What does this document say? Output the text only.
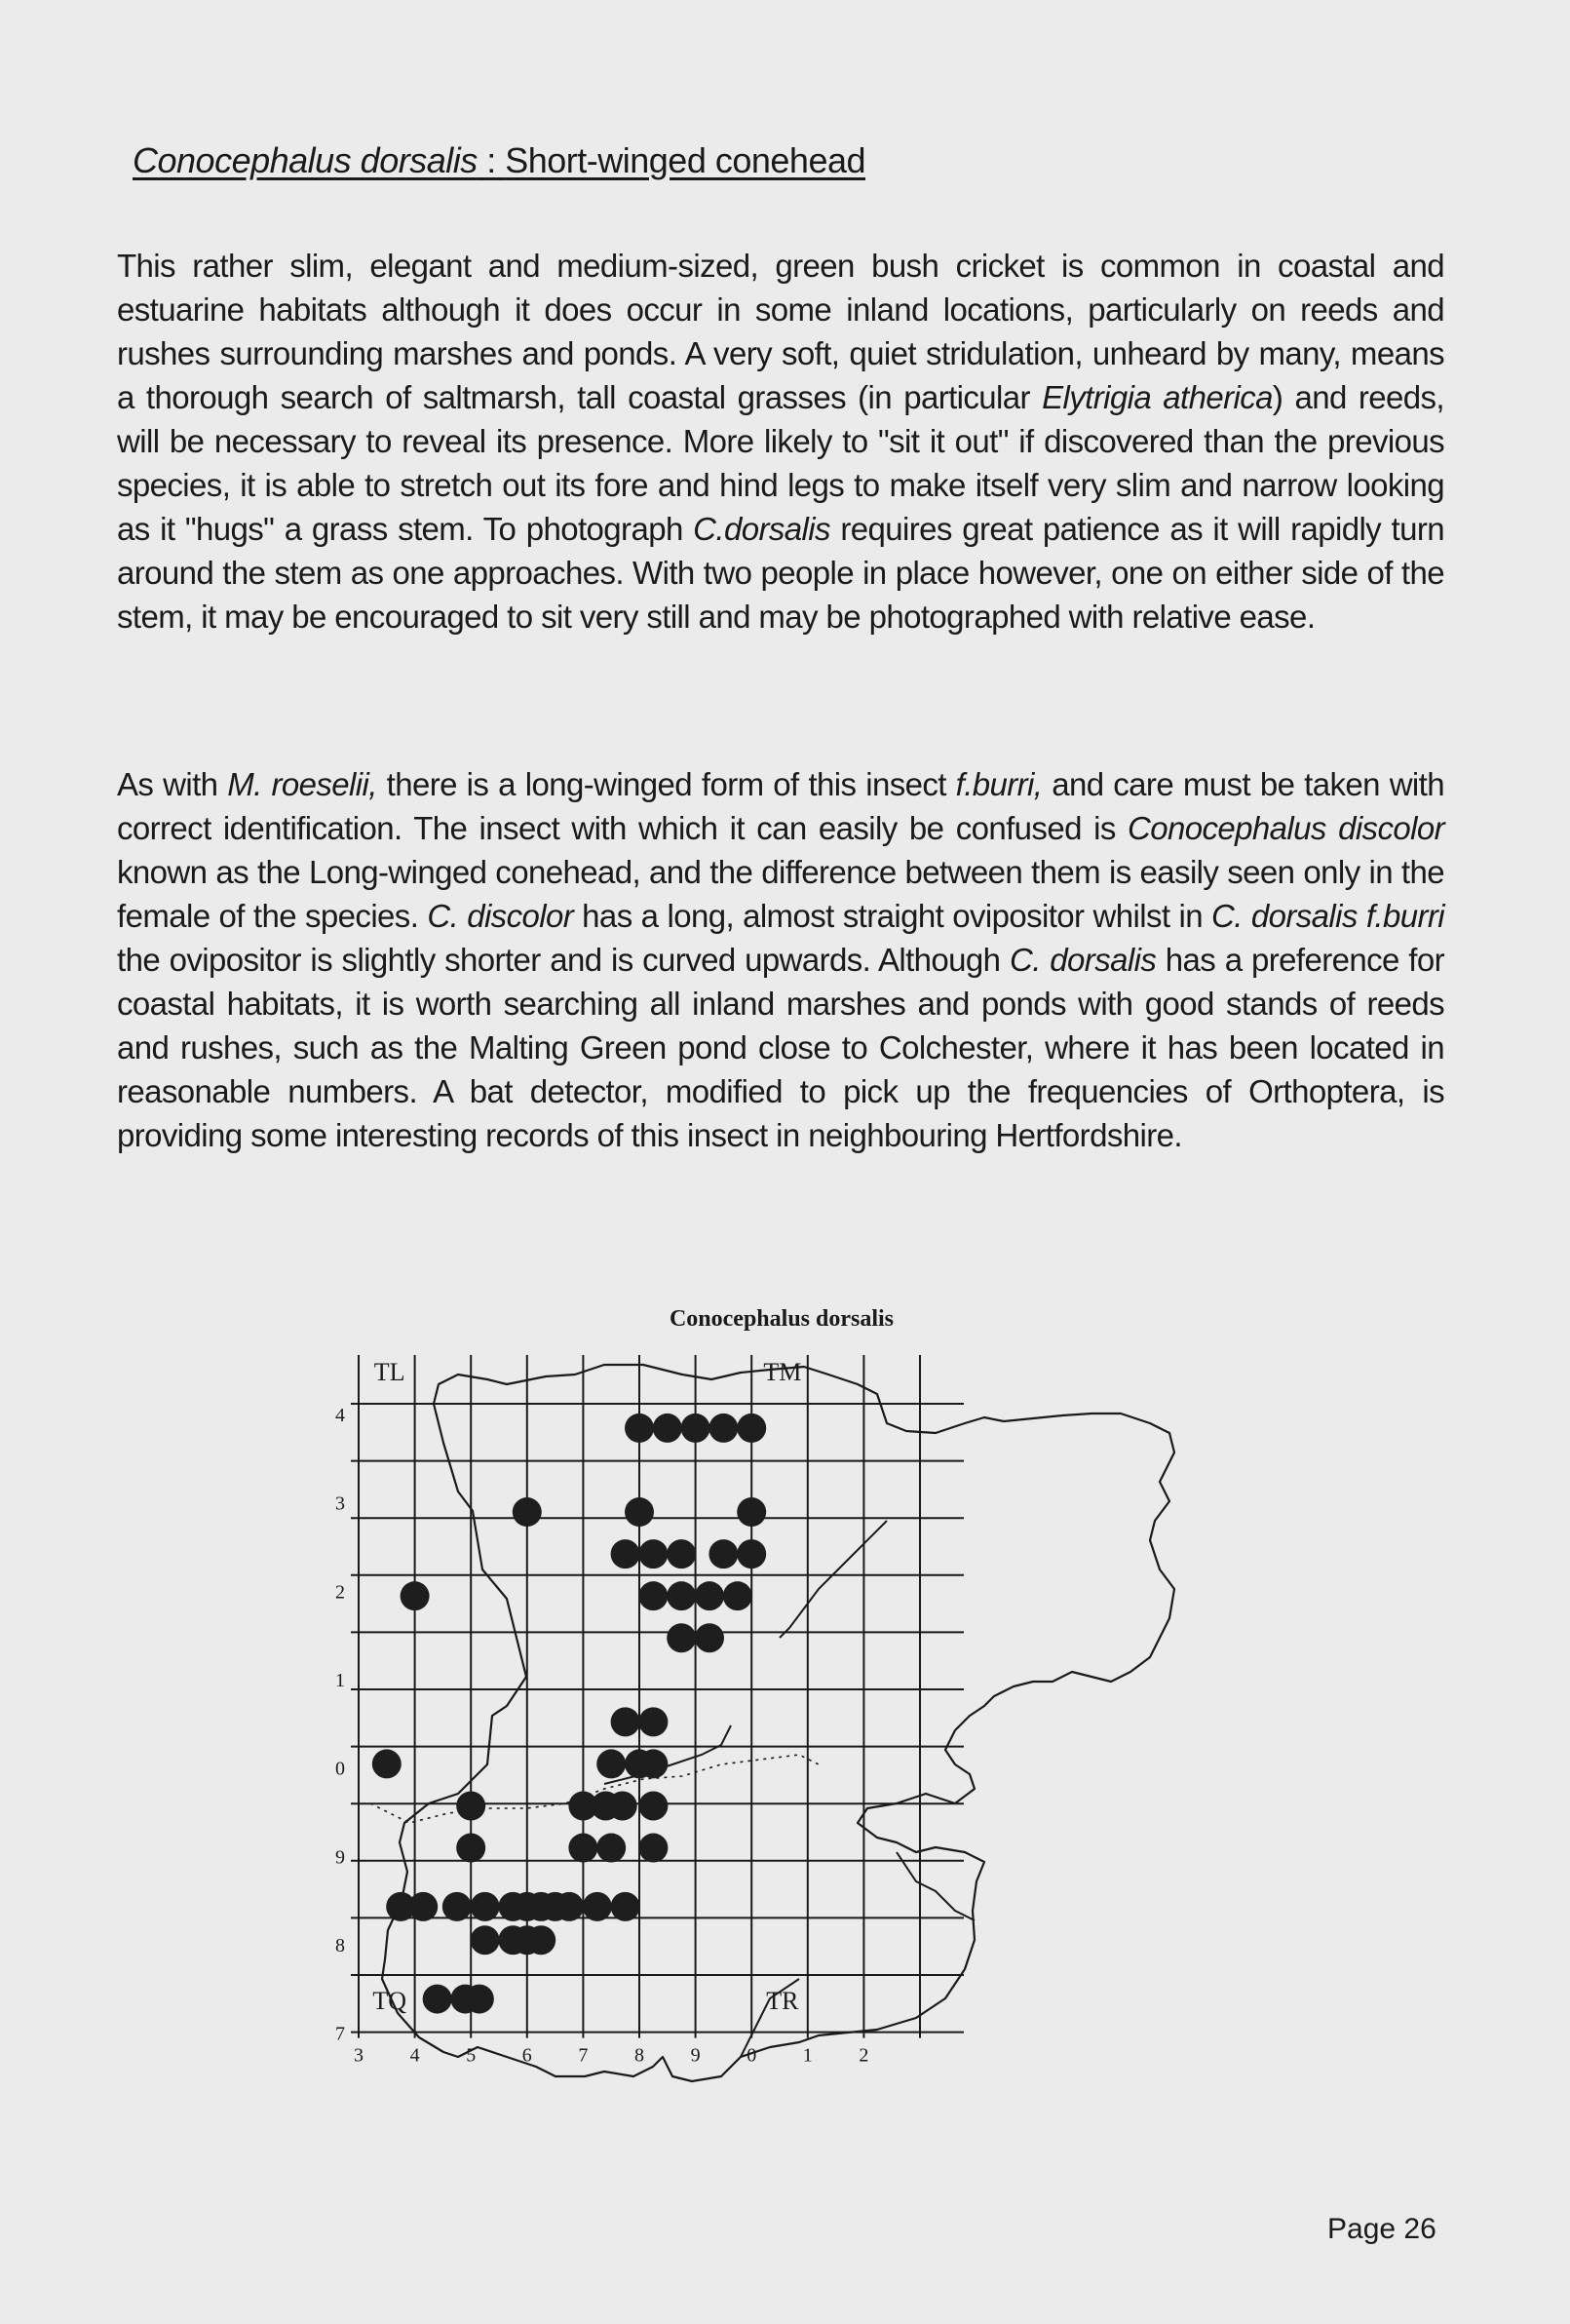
Conocephalus dorsalis : Short-winged conehead

This rather slim, elegant and medium-sized, green bush cricket is common in coastal and estuarine habitats although it does occur in some inland locations, particularly on reeds and rushes surrounding marshes and ponds. A very soft, quiet stridulation, unheard by many, means a thorough search of saltmarsh, tall coastal grasses (in particular Elytrigia atherica) and reeds, will be necessary to reveal its presence. More likely to "sit it out" if discovered than the previous species, it is able to stretch out its fore and hind legs to make itself very slim and narrow looking as it "hugs" a grass stem. To photograph C.dorsalis requires great patience as it will rapidly turn around the stem as one approaches. With two people in place however, one on either side of the stem, it may be encouraged to sit very still and may be photographed with relative ease.

As with M. roeselii, there is a long-winged form of this insect f.burri, and care must be taken with correct identification. The insect with which it can easily be confused is Conocephalus discolor known as the Long-winged conehead, and the difference between them is easily seen only in the female of the species. C. discolor has a long, almost straight ovipositor whilst in C. dorsalis f.burri the ovipositor is slightly shorter and is curved upwards. Although C. dorsalis has a preference for coastal habitats, it is worth searching all inland marshes and ponds with good stands of reeds and rushes, such as the Malting Green pond close to Colchester, where it has been located in reasonable numbers. A bat detector, modified to pick up the frequencies of Orthoptera, is providing some interesting records of this insect in neighbouring Hertfordshire.

Conocephalus dorsalis
TL	TM
TQ	TR
3 4 5 6 7 8 9 0 1 2
7
8
9
0
1
2
3
4
Page 26
